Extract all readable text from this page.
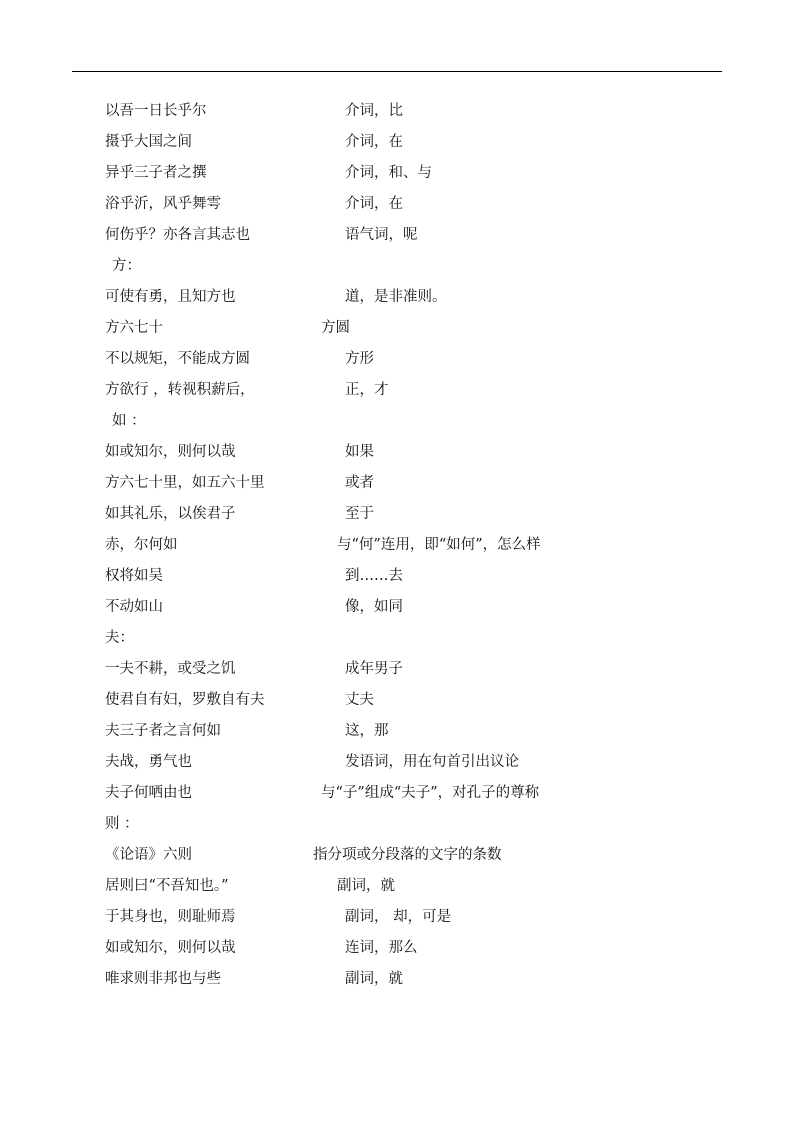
以吾一日长乎尔	介词，比
摄乎大国之间	介词，在
异乎三子者之撰	介词，和、与
浴乎沂，风乎舞雩	介词，在
何伤乎？亦各言其志也	语气词，呢
方：
可使有勇，且知方也	道，是非准则。
方六七十	方圆
不以规矩，不能成方圆	方形
方欲行 ，转视积薪后，	正，才
如 ：
如或知尔，则何以哉	如果
方六七十里，如五六十里	或者
如其礼乐，以俟君子	至于
赤，尔何如	与“何”连用，即“如何”，怎么样
权将如吴	到……去
不动如山	像，如同
夫：
一夫不耕，或受之饥	成年男子
使君自有妇，罗敷自有夫	丈夫
夫三子者之言何如	这，那
夫战，勇气也	发语词，用在句首引出议论
夫子何哂由也	与“子”组成“夫子”，对孔子的尊称
则 ：
《论语》六则	指分项或分段落的文字的条数
居则曰“不吾知也。”	副词，就
于其身也，则耻师焉	副词， 却，可是
如或知尔，则何以哉	连词，那么
唯求则非邦也与些	副词，就
